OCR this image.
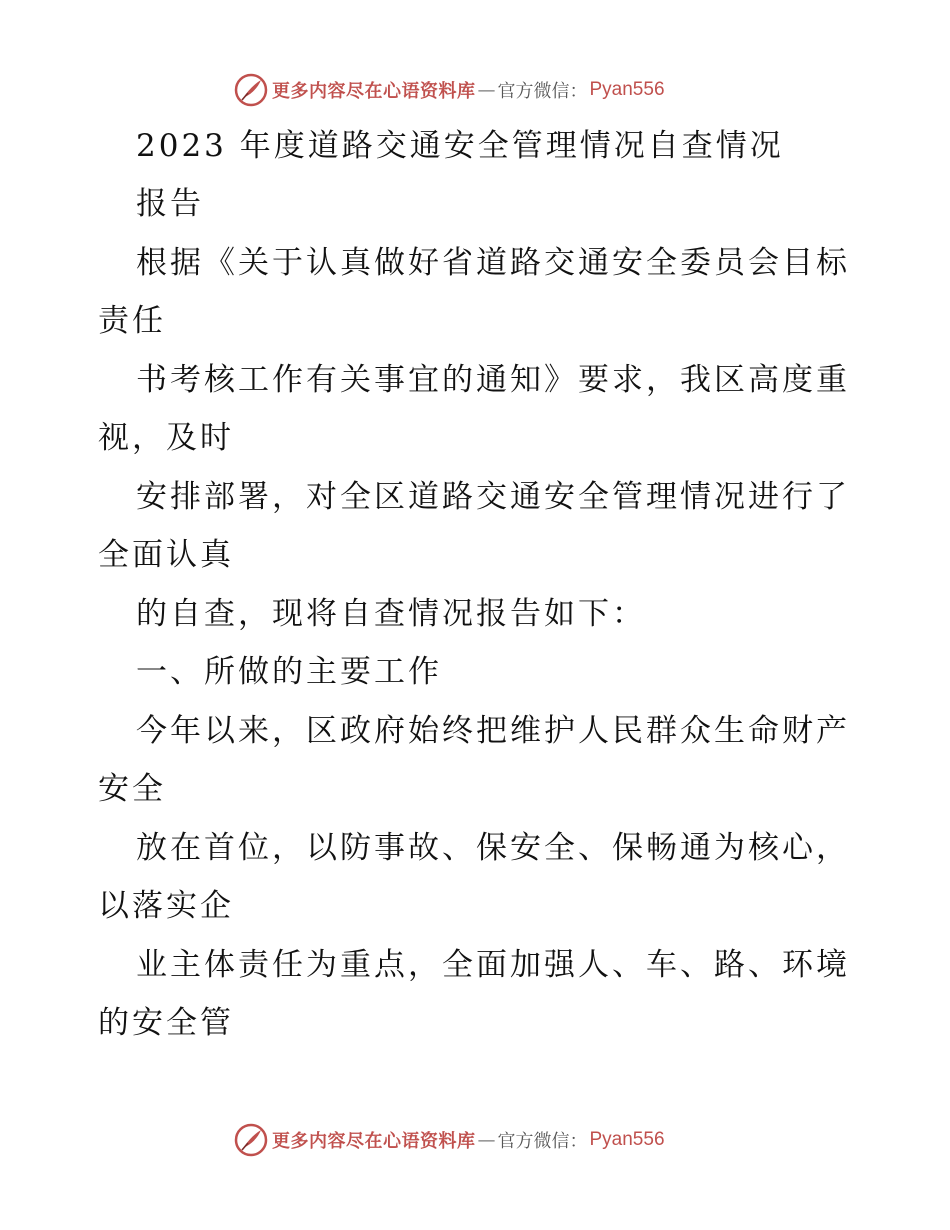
更多内容尽在心语资料库 — 官方微信： Pyan556
2023 年度道路交通安全管理情况自查情况
报告
根据《关于认真做好省道路交通安全委员会目标
责任
书考核工作有关事宜的通知》要求，我区高度重
视，及时
安排部署，对全区道路交通安全管理情况进行了
全面认真
的自查，现将自查情况报告如下：
一、所做的主要工作
今年以来，区政府始终把维护人民群众生命财产
安全
放在首位，以防事故、保安全、保畅通为核心，
以落实企
业主体责任为重点，全面加强人、车、路、环境
的安全管
更多内容尽在心语资料库 — 官方微信： Pyan556
